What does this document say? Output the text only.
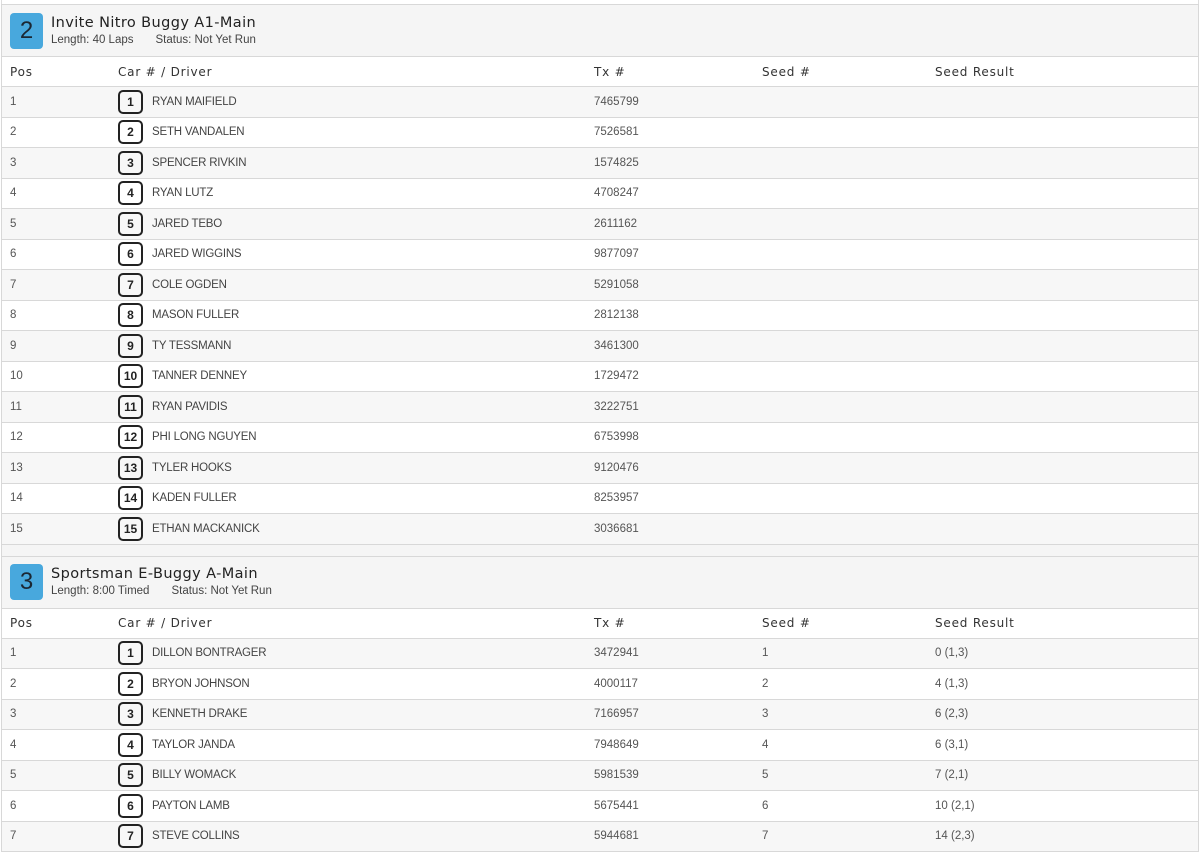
2	Invite Nitro Buggy A1-Main
Length: 40 Laps Status: Not Yet Run
Pos	Car # / Driver	Tx #	Seed #	Seed Result
1	1 RYAN MAIFIELD	7465799		
2	2 SETH VANDALEN	7526581		
3	3 SPENCER RIVKIN	1574825		
4	4 RYAN LUTZ	4708247		
5	5 JARED TEBO	2611162		
6	6 JARED WIGGINS	9877097		
7	7 COLE OGDEN	5291058		
8	8 MASON FULLER	2812138		
9	9 TY TESSMANN	3461300		
10	10 TANNER DENNEY	1729472		
11	11 RYAN PAVIDIS	3222751		
12	12 PHI LONG NGUYEN	6753998		
13	13 TYLER HOOKS	9120476		
14	14 KADEN FULLER	8253957		
15	15 ETHAN MACKANICK	3036681		
3	Sportsman E-Buggy A-Main
Length: 8:00 Timed Status: Not Yet Run
Pos	Car # / Driver	Tx #	Seed #	Seed Result
1	1 DILLON BONTRAGER	3472941	1	0 (1,3)
2	2 BRYON JOHNSON	4000117	2	4 (1,3)
3	3 KENNETH DRAKE	7166957	3	6 (2,3)
4	4 TAYLOR JANDA	7948649	4	6 (3,1)
5	5 BILLY WOMACK	5981539	5	7 (2,1)
6	6 PAYTON LAMB	5675441	6	10 (2,1)
7	7 STEVE COLLINS	5944681	7	14 (2,3)
